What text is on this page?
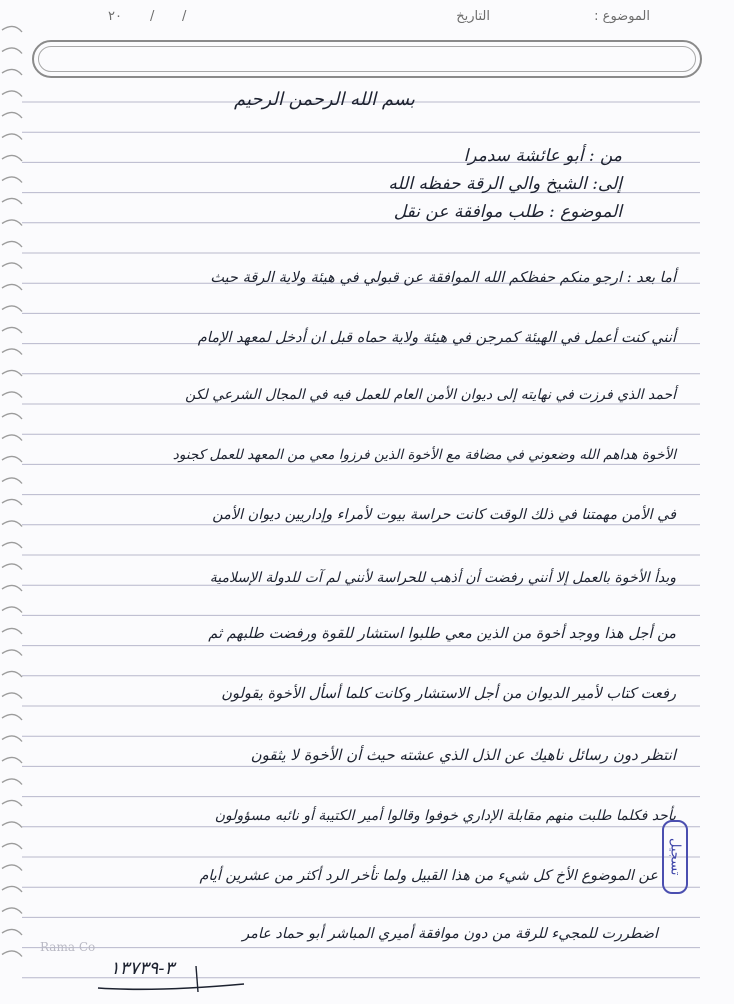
الموضوع :
التاريخ
/
/
٢٠
بسم الله الرحمن الرحيم
من : أبو عائشة سدمرا
إلى: الشيخ والي الرقة حفظه الله
الموضوع : طلب موافقة عن نقل
أما بعد : ارجو منكم حفظكم الله الموافقة عن قبولي في هيئة ولاية الرقة حيث
أنني كنت أعمل في الهيئة كمرجن في هيئة ولاية حماه قبل ان أدخل لمعهد الإمام
أحمد الذي فرزت في نهايته إلى ديوان الأمن العام للعمل فيه في المجال الشرعي لكن
الأخوة هداهم الله وضعوني في مضافة مع الأخوة الذين فرزوا معي من المعهد للعمل كجنود
في الأمن مهمتنا في ذلك الوقت كانت حراسة بيوت لأمراء وإداريين ديوان الأمن
وبدأ الأخوة بالعمل إلا أنني رفضت أن أذهب للحراسة لأنني لم آت للدولة الإسلامية
من أجل هذا ووجد أخوة من الذين معي طلبوا استشار للقوة ورفضت طلبهم ثم
رفعت كتاب لأمير الديوان من أجل الاستشار وكانت كلما أسأل الأخوة يقولون
انتظر دون رسائل ناهيك عن الذل الذي عشته حيث أن الأخوة لا يثقون
بأحد فكلما طلبت منهم مقابلة الإداري خوفوا وقالوا أمير الكتيبة أو نائبه مسؤولون
عن الموضوع الأخ كل شيء من هذا القبيل ولما تأخر الرد أكثر من عشرين أيام
اضطررت للمجيء للرقة من دون موافقة أميري المباشر أبو حماد عامر
تسجيل
Rama Co
٣-١٣٧٣٩
